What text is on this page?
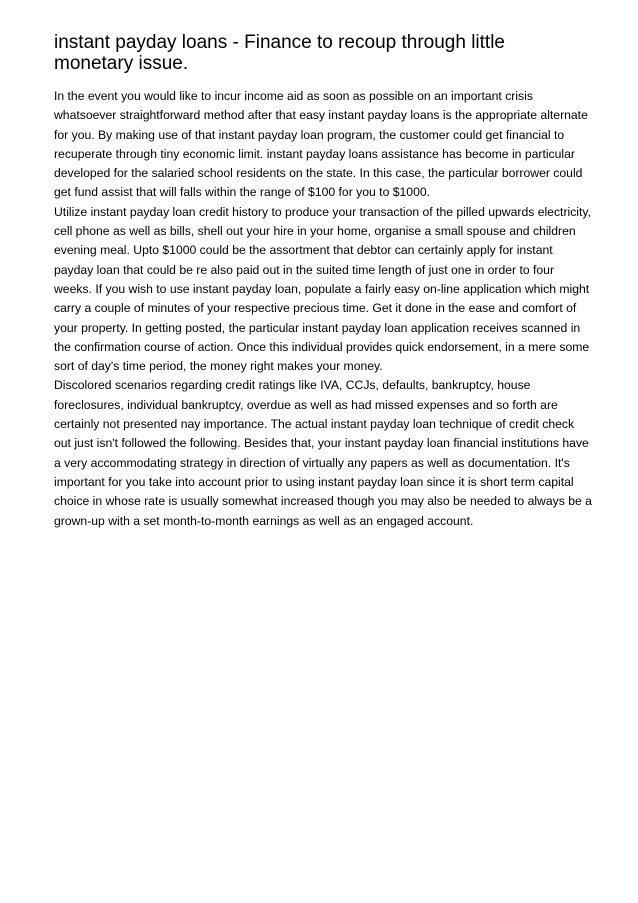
instant payday loans - Finance to recoup through little monetary issue.

In the event you would like to incur income aid as soon as possible on an important crisis whatsoever straightforward method after that easy instant payday loans is the appropriate alternate for you. By making use of that instant payday loan program, the customer could get financial to recuperate through tiny economic limit. instant payday loans assistance has become in particular developed for the salaried school residents on the state. In this case, the particular borrower could get fund assist that will falls within the range of $100 for you to $1000.

Utilize instant payday loan credit history to produce your transaction of the pilled upwards electricity, cell phone as well as bills, shell out your hire in your home, organise a small spouse and children evening meal. Upto $1000 could be the assortment that debtor can certainly apply for instant payday loan that could be re also paid out in the suited time length of just one in order to four weeks. If you wish to use instant payday loan, populate a fairly easy on-line application which might carry a couple of minutes of your respective precious time. Get it done in the ease and comfort of your property. In getting posted, the particular instant payday loan application receives scanned in the confirmation course of action. Once this individual provides quick endorsement, in a mere some sort of day's time period, the money right makes your money.

Discolored scenarios regarding credit ratings like IVA, CCJs, defaults, bankruptcy, house foreclosures, individual bankruptcy, overdue as well as had missed expenses and so forth are certainly not presented nay importance. The actual instant payday loan technique of credit check out just isn't followed the following. Besides that, your instant payday loan financial institutions have a very accommodating strategy in direction of virtually any papers as well as documentation. It's important for you take into account prior to using instant payday loan since it is short term capital choice in whose rate is usually somewhat increased though you may also be needed to always be a grown-up with a set month-to-month earnings as well as an engaged account.
